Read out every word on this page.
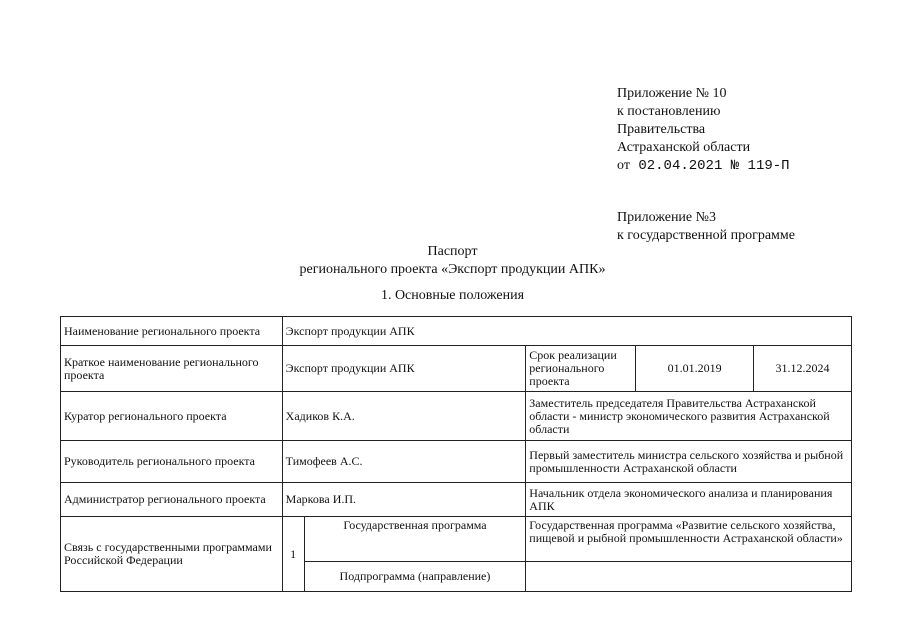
Приложение № 10
к постановлению
Правительства
Астраханской области
от 02.04.2021 № 119-П
Приложение №3
к государственной программе
Паспорт
регионального проекта «Экспорт продукции АПК»
1. Основные положения
Наименование регионального проекта	Экспорт продукции АПК				
Краткое наименование регионального проекта	Экспорт продукции АПК		Срок реализации регионального проекта	01.01.2019	31.12.2024
Куратор регионального проекта	Хадиков К.А.		Заместитель председателя Правительства Астраханской области - министр экономического развития Астраханской области		
Руководитель регионального проекта	Тимофеев А.С.		Первый заместитель министра сельского хозяйства и рыбной промышленности Астраханской области		
Администратор регионального проекта	Маркова И.П.		Начальник отдела экономического анализа и планирования АПК		
Связь с государственными программами Российской Федерации	1	Государственная программа	Государственная программа «Развитие сельского хозяйства, пищевой и рыбной промышленности Астраханской области»		
		Подпрограмма (направление)			
